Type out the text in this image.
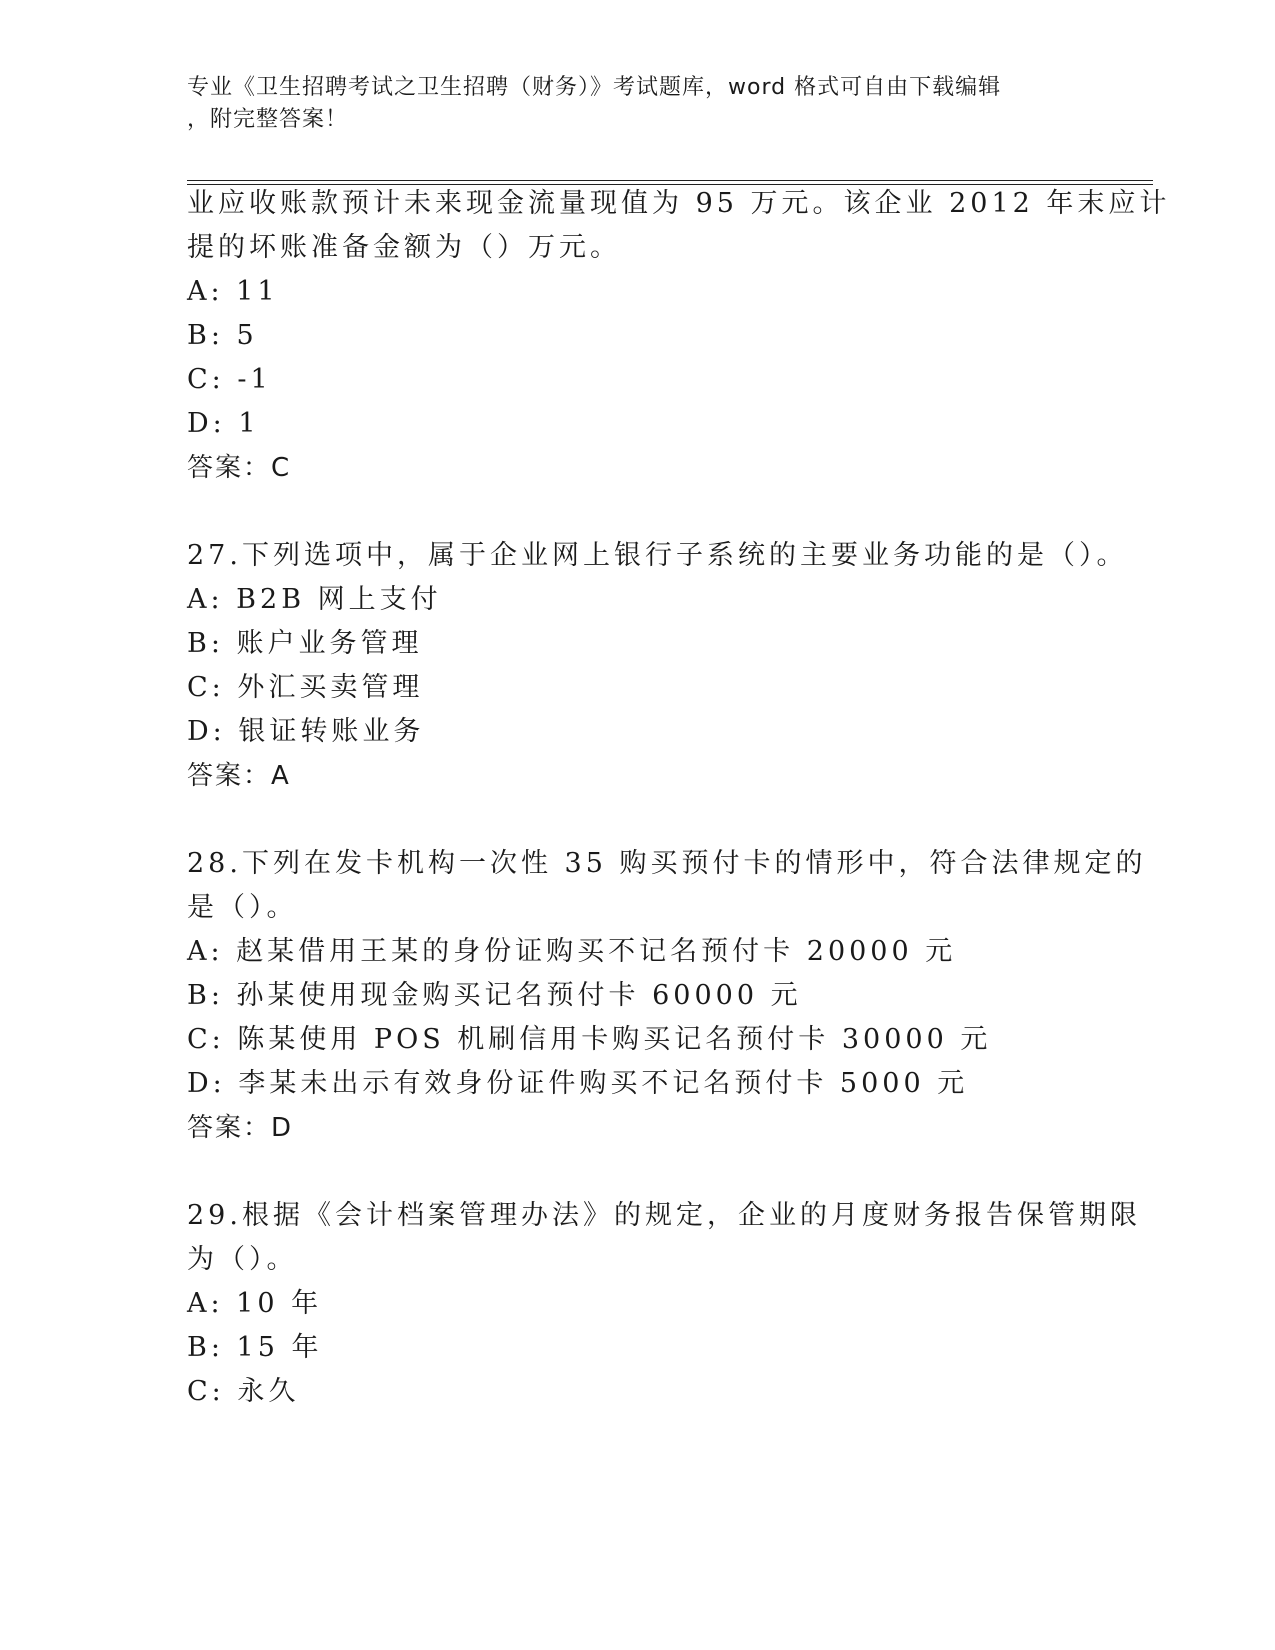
专业《卫生招聘考试之卫生招聘（财务）》考试题库，word 格式可自由下载编辑
，附完整答案！
业应收账款预计未来现金流量现值为 95 万元。该企业 2012 年末应计
提的坏账准备金额为（）万元。
A: 11
B: 5
C: -1
D: 1
答案：C
27.下列选项中，属于企业网上银行子系统的主要业务功能的是（）。
A: B2B 网上支付
B: 账户业务管理
C: 外汇买卖管理
D: 银证转账业务
答案：A
28.下列在发卡机构一次性 35 购买预付卡的情形中，符合法律规定的
是（）。
A: 赵某借用王某的身份证购买不记名预付卡 20000 元
B: 孙某使用现金购买记名预付卡 60000 元
C: 陈某使用 POS 机刷信用卡购买记名预付卡 30000 元
D: 李某未出示有效身份证件购买不记名预付卡 5000 元
答案：D
29.根据《会计档案管理办法》的规定，企业的月度财务报告保管期限
为（）。
A: 10 年
B: 15 年
C: 永久
